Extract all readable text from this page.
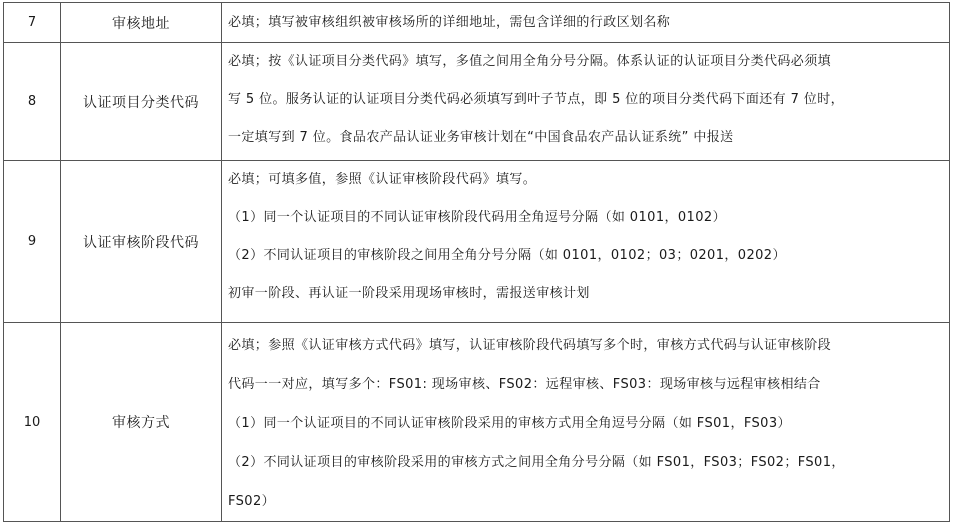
7	审核地址	必填；填写被审核组织被审核场所的详细地址，需包含详细的行政区划名称

8	认证项目分类代码	必填；按《认证项目分类代码》填写，多值之间用全角分号分隔。体系认证的认证项目分类代码必须填

写 5 位。服务认证的认证项目分类代码必须填写到叶子节点，即 5 位的项目分类代码下面还有 7 位时，

一定填写到 7 位。食品农产品认证业务审核计划在“中国食品农产品认证系统” 中报送

9	认证审核阶段代码	必填；可填多值，参照《认证审核阶段代码》填写。

（1）同一个认证项目的不同认证审核阶段代码用全角逗号分隔（如 0101，0102）

（2）不同认证项目的审核阶段之间用全角分号分隔（如 0101，0102；03；0201，0202）

初审一阶段、再认证一阶段采用现场审核时，需报送审核计划

10	审核方式	必填；参照《认证审核方式代码》填写，认证审核阶段代码填写多个时，审核方式代码与认证审核阶段

代码一一对应，填写多个：FS01: 现场审核、FS02：远程审核、FS03：现场审核与远程审核相结合

（1）同一个认证项目的不同认证审核阶段采用的审核方式用全角逗号分隔（如 FS01，FS03）

（2）不同认证项目的审核阶段采用的审核方式之间用全角分号分隔（如 FS01，FS03；FS02；FS01，

FS02）
